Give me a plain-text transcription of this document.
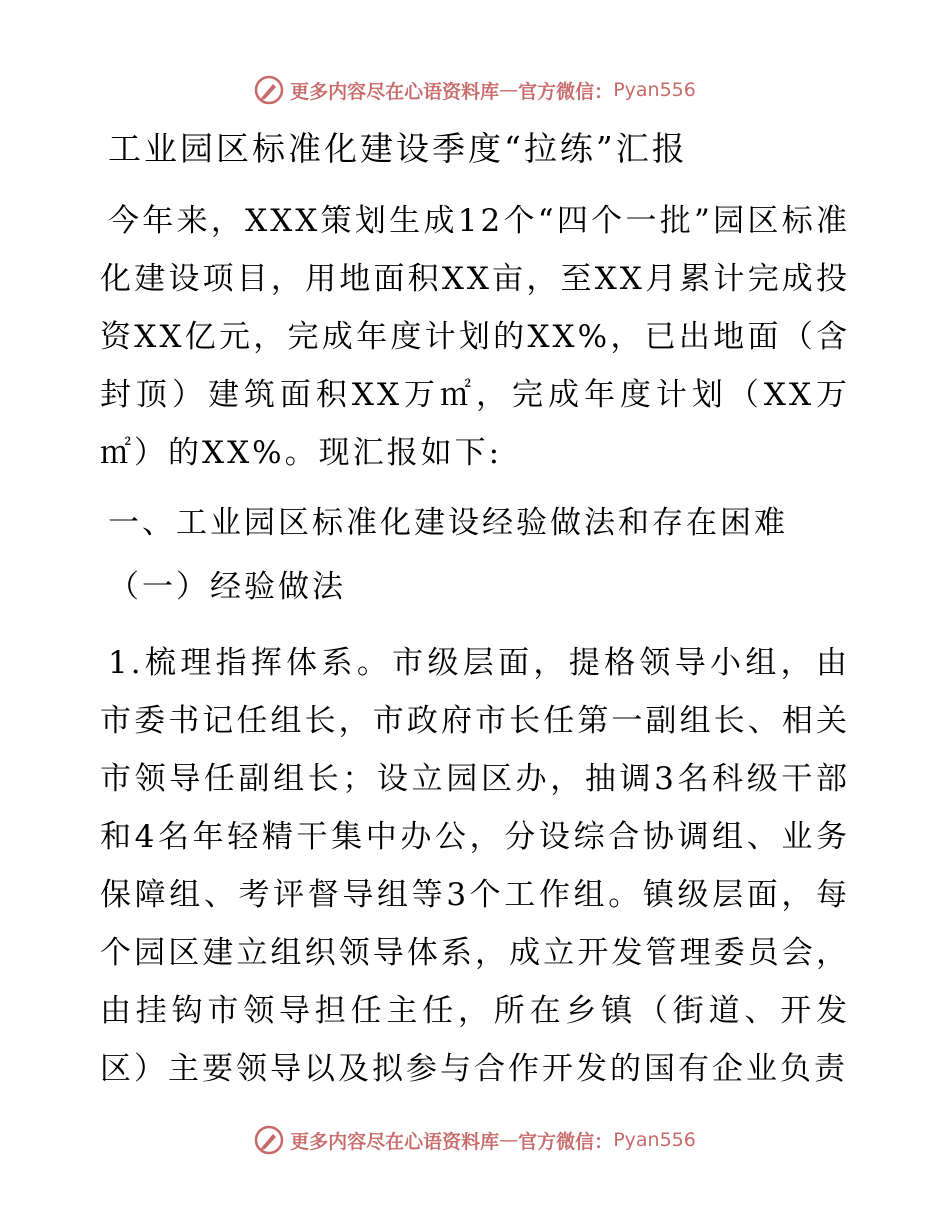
更多内容尽在心语资料库 — 官方微信： Pyan556
工业园区标准化建设季度“拉练”汇报

今年来，XXX策划生成12个“四个一批”园区标准化建设项目，用地面积XX亩，至XX月累计完成投资XX亿元，完成年度计划的XX%，已出地面（含封顶）建筑面积XX万㎡，完成年度计划（XX万㎡）的XX%。现汇报如下:

一、工业园区标准化建设经验做法和存在困难
（一）经验做法

1.梳理指挥体系。市级层面，提格领导小组，由市委书记任组长，市政府市长任第一副组长、相关市领导任副组长；设立园区办，抽调3名科级干部和4名年轻精干集中办公，分设综合协调组、业务保障组、考评督导组等3个工作组。镇级层面，每个园区建立组织领导体系，成立开发管理委员会，由挂钩市领导担任主任，所在乡镇（街道、开发区）主要领导以及拟参与合作开发的国有企业负责

更多内容尽在心语资料库 — 官方微信： Pyan556
